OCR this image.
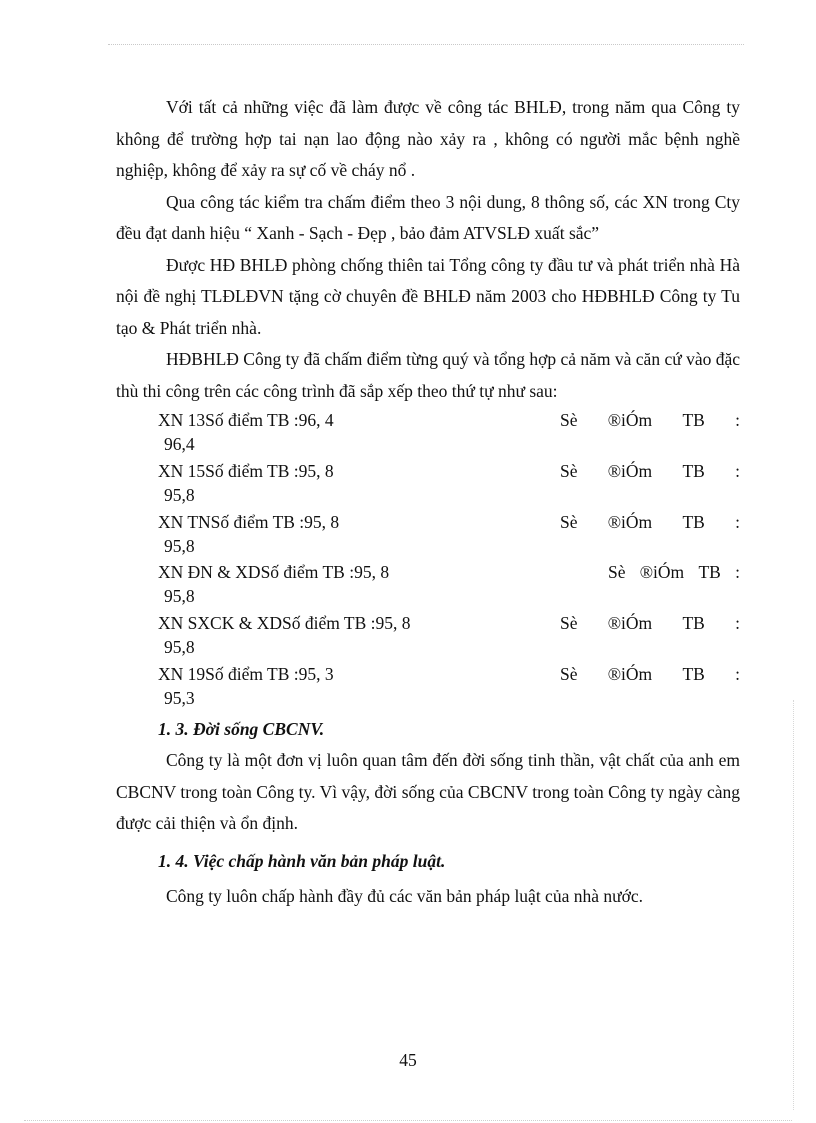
Với tất cả những việc đã làm được về công tác BHLĐ, trong năm qua Công ty không để trường hợp tai nạn lao động nào xảy ra , không có người mắc bệnh nghề nghiệp, không để xảy ra sự cố về cháy nổ .

Qua công tác kiểm tra chấm điểm theo 3 nội dung, 8 thông số, các XN trong Cty đều đạt danh hiệu “ Xanh - Sạch - Đẹp , bảo đảm ATVSLĐ xuất sắc”

Được HĐ BHLĐ phòng chống thiên tai Tổng công ty đầu tư và phát triển nhà Hà nội đề nghị TLĐLĐVN tặng cờ chuyên đề BHLĐ năm 2003 cho HĐBHLĐ Công ty Tu tạo & Phát triển nhà.

HĐBHLĐ Công ty đã chấm điểm từng quý và tổng hợp cả năm và căn cứ vào đặc thù thi công trên các công trình đã sắp xếp theo thứ tự như sau:

XN 13Số điểm TB :96, 4	Sè ®iÓm TB :
96,4
XN 15Số điểm TB :95, 8	Sè ®iÓm TB :
95,8
XN TNSố điểm TB :95, 8	Sè ®iÓm TB :
95,8
XN ĐN & XDSố điểm TB :95, 8	Sè ®iÓm TB :
95,8
XN SXCK & XDSố điểm TB :95, 8	Sè ®iÓm TB :
95,8
XN 19Số điểm TB :95, 3	Sè ®iÓm TB :
95,3

1. 3. Đời sống CBCNV.

Công ty là một đơn vị luôn quan tâm đến đời sống tinh thần, vật chất của anh em CBCNV trong toàn Công ty. Vì vậy, đời sống của CBCNV trong toàn Công ty ngày càng được cải thiện và ổn định.

1. 4. Việc chấp hành văn bản pháp luật.

Công ty luôn chấp hành đầy đủ các văn bản pháp luật của nhà nước.

45
